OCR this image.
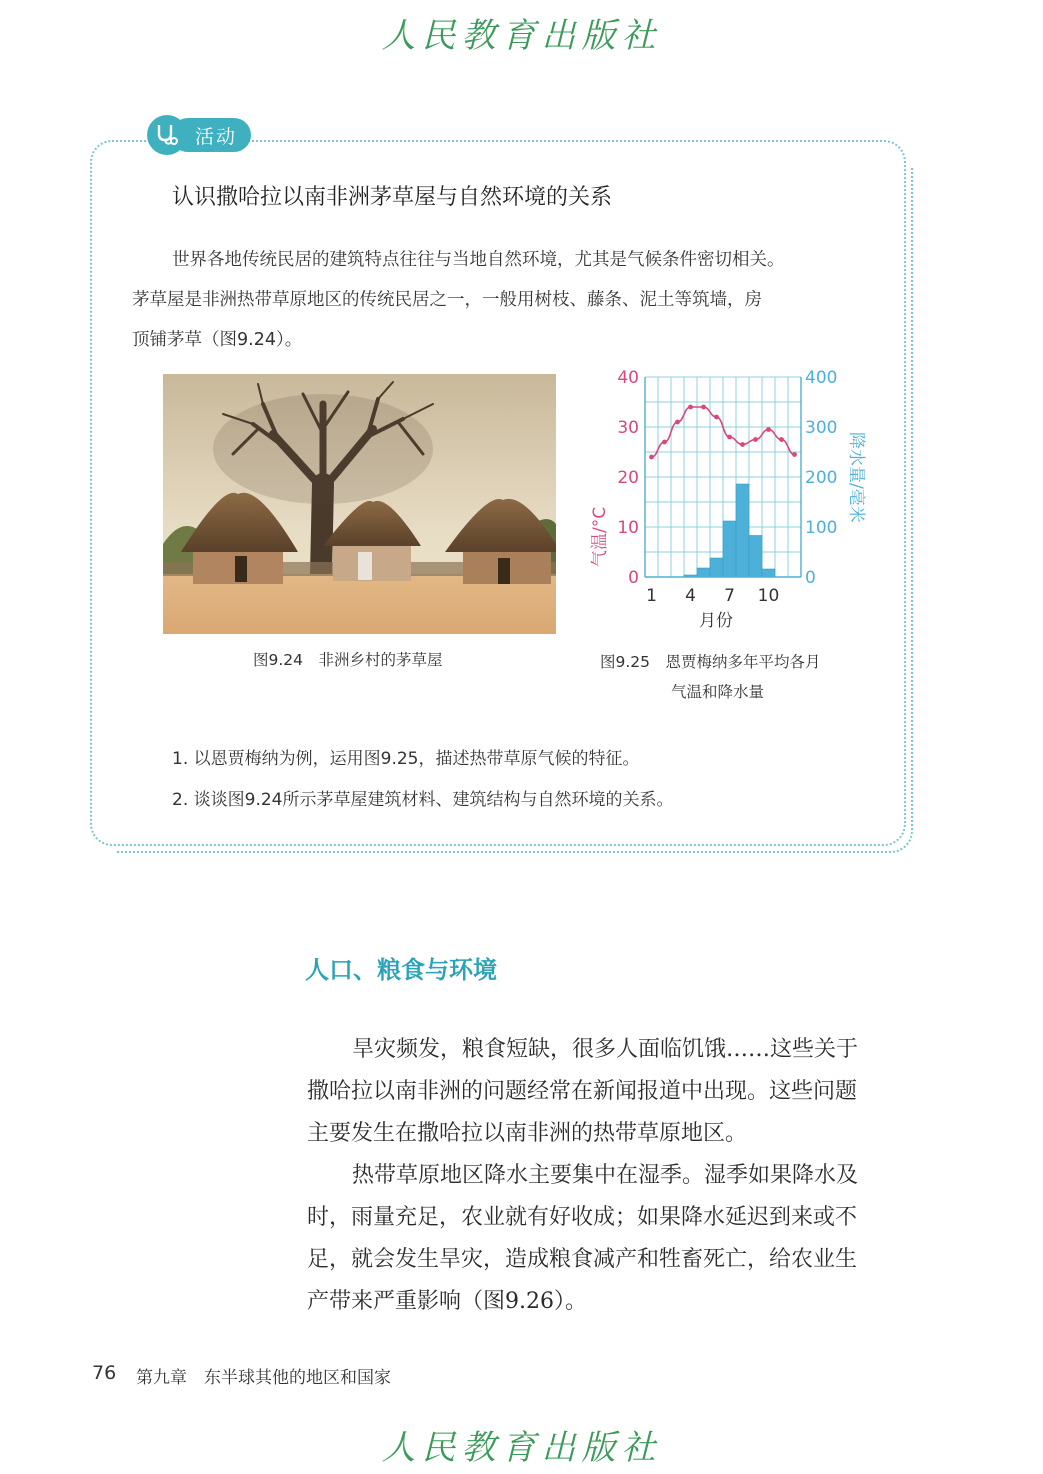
人民教育出版社
活动
认识撒哈拉以南非洲茅草屋与自然环境的关系
世界各地传统民居的建筑特点往往与当地自然环境，尤其是气候条件密切相关。
茅草屋是非洲热带草原地区的传统民居之一，一般用树枝、藤条、泥土等筑墙，房
顶铺茅草（图9.24）。
0
10
20
30
40
0
100
200
300
400
1 4 7 10
气温/°C
降水量/毫米
月份
图9.24　非洲乡村的茅草屋	图9.25　恩贾梅纳多年平均各月
气温和降水量
1. 以恩贾梅纳为例，运用图9.25，描述热带草原气候的特征。
2. 谈谈图9.24所示茅草屋建筑材料、建筑结构与自然环境的关系。
人口、粮食与环境
旱灾频发，粮食短缺，很多人面临饥饿……这些关于
撒哈拉以南非洲的问题经常在新闻报道中出现。这些问题
主要发生在撒哈拉以南非洲的热带草原地区。
热带草原地区降水主要集中在湿季。湿季如果降水及
时，雨量充足，农业就有好收成；如果降水延迟到来或不
足，就会发生旱灾，造成粮食减产和牲畜死亡，给农业生
产带来严重影响（图9.26）。
76 第九章　东半球其他的地区和国家
人民教育出版社
